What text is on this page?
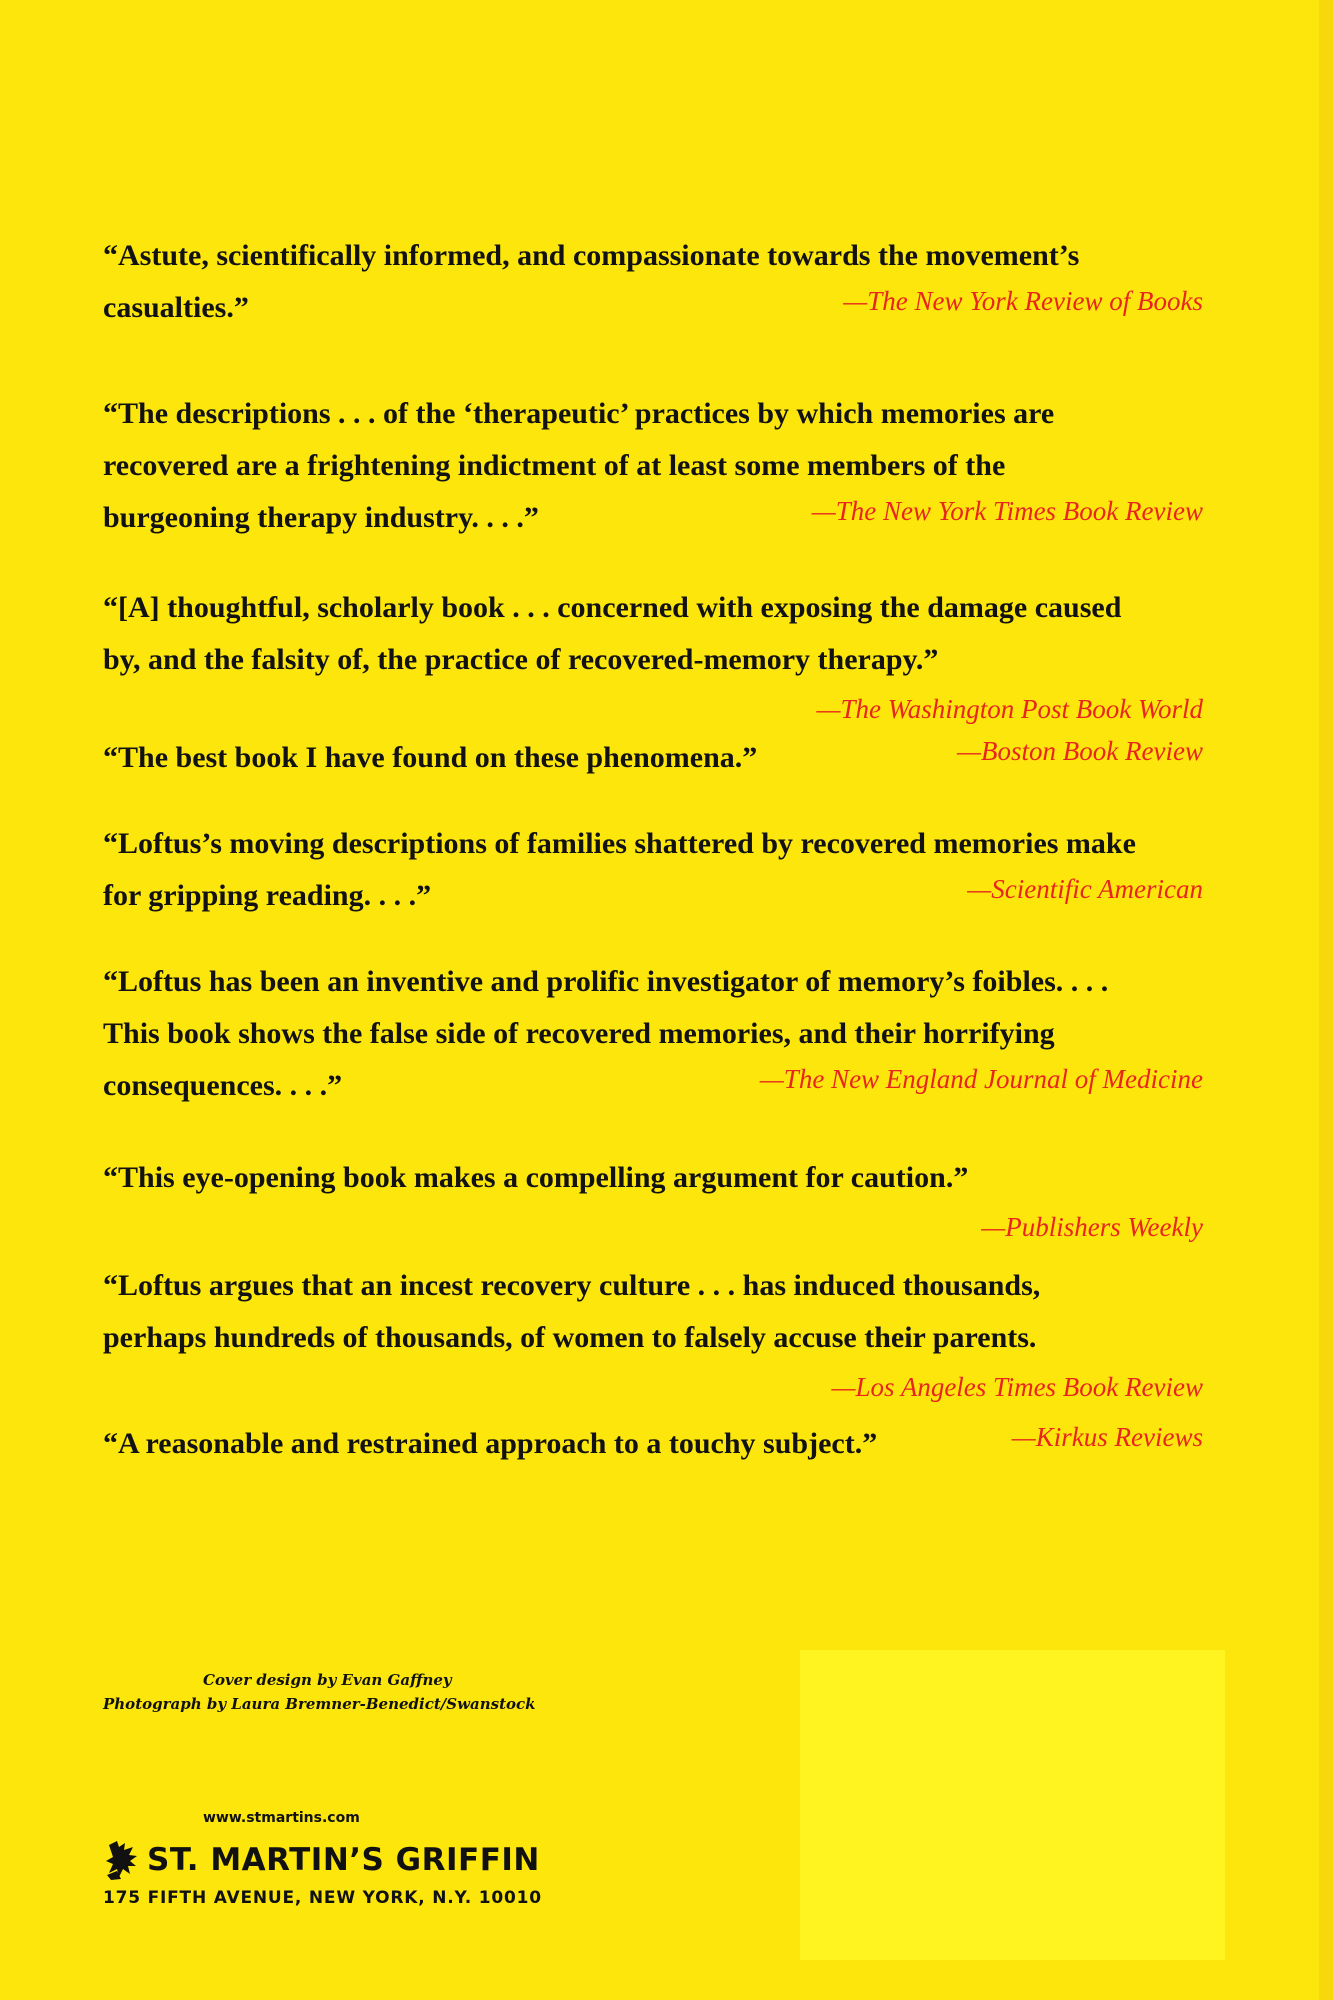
“Astute, scientifically informed, and compassionate towards the movement’s
casualties.”	—The New York Review of Books
“The descriptions . . . of the ‘therapeutic’ practices by which memories are
recovered are a frightening indictment of at least some members of the
burgeoning therapy industry. . . .”	—The New York Times Book Review
“[A] thoughtful, scholarly book . . . concerned with exposing the damage caused
by, and the falsity of, the practice of recovered-memory therapy.”
—The Washington Post Book World
“The best book I have found on these phenomena.”	—Boston Book Review
“Loftus’s moving descriptions of families shattered by recovered memories make
for gripping reading. . . .”	—Scientific American
“Loftus has been an inventive and prolific investigator of memory’s foibles. . . .
This book shows the false side of recovered memories, and their horrifying
consequences. . . .”	—The New England Journal of Medicine
“This eye-opening book makes a compelling argument for caution.”
—Publishers Weekly
“Loftus argues that an incest recovery culture . . . has induced thousands,
perhaps hundreds of thousands, of women to falsely accuse their parents.
—Los Angeles Times Book Review
“A reasonable and restrained approach to a touchy subject.”	—Kirkus Reviews
Cover design by Evan Gaffney
Photograph by Laura Bremner-Benedict/Swanstock
www.stmartins.com
ST. MARTIN’S GRIFFIN
175 FIFTH AVENUE, NEW YORK, N.Y. 10010
